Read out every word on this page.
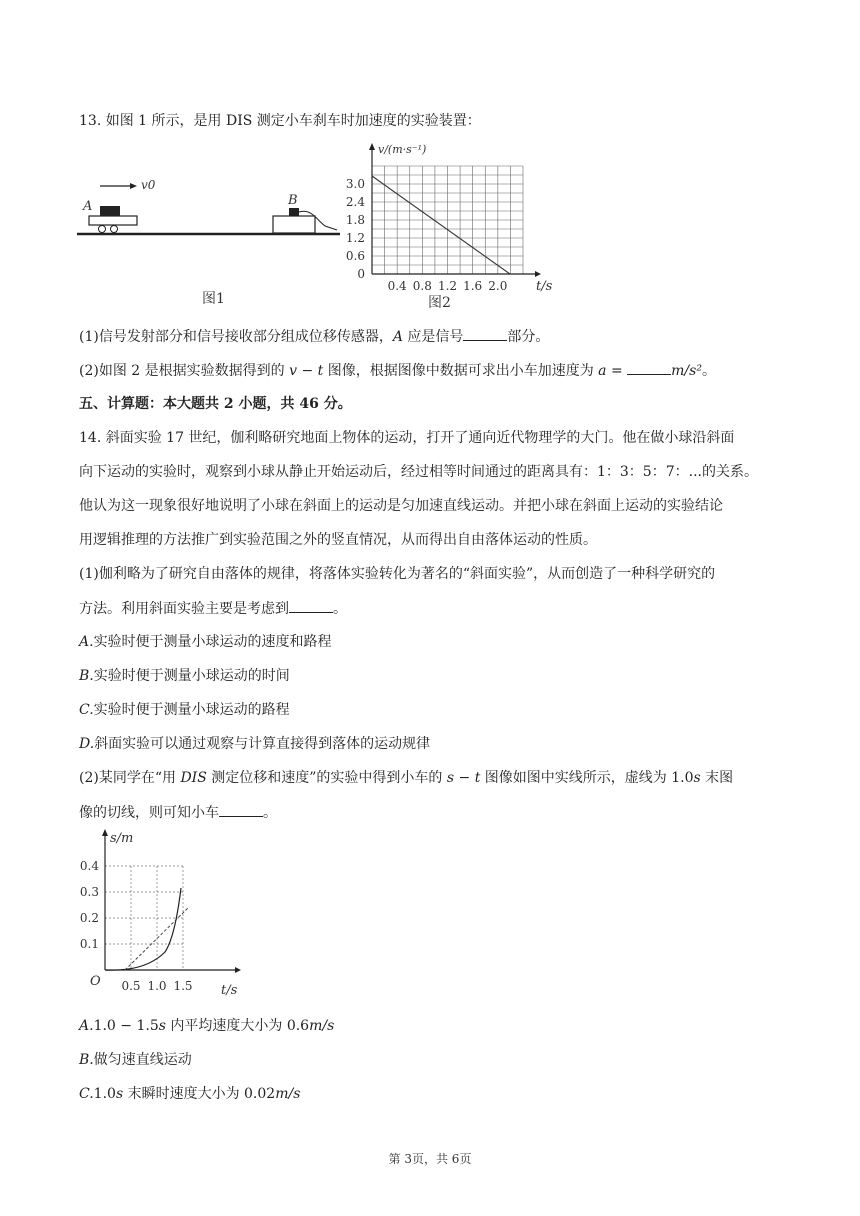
13. 如图 1 所示，是用 DIS 测定小车刹车时加速度的实验装置：
v0
A	B
图1
v/(m·s⁻¹)
t/s
0
0.6
1.2
1.8
2.4
3.0
0.4 0.8 1.2 1.6 2.0
图2
(1)信号发射部分和信号接收部分组成位移传感器，A 应是信号	部分。
(2)如图 2 是根据实验数据得到的 v − t 图像，根据图像中数据可求出小车加速度为 a =	m/s²。
五、计算题：本大题共 2 小题，共 46 分。
14. 斜面实验 17 世纪，伽利略研究地面上物体的运动，打开了通向近代物理学的大门。他在做小球沿斜面
向下运动的实验时，观察到小球从静止开始运动后，经过相等时间通过的距离具有：1：3：5：7：...的关系。
他认为这一现象很好地说明了小球在斜面上的运动是匀加速直线运动。并把小球在斜面上运动的实验结论
用逻辑推理的方法推广到实验范围之外的竖直情况，从而得出自由落体运动的性质。
(1)伽利略为了研究自由落体的规律，将落体实验转化为著名的“斜面实验”，从而创造了一种科学研究的
方法。利用斜面实验主要是考虑到	。
A.实验时便于测量小球运动的速度和路程
B.实验时便于测量小球运动的时间
C.实验时便于测量小球运动的路程
D.斜面实验可以通过观察与计算直接得到落体的运动规律
(2)某同学在“用 DIS 测定位移和速度”的实验中得到小车的 s − t 图像如图中实线所示，虚线为 1.0s 末图
像的切线，则可知小车	。
s/m
t/s
O
0.1
0.2
0.3
0.4
0.5 1.0 1.5
A.1.0 − 1.5s 内平均速度大小为 0.6m/s
B.做匀速直线运动
C.1.0s 末瞬时速度大小为 0.02m/s
第 3页，共 6页
